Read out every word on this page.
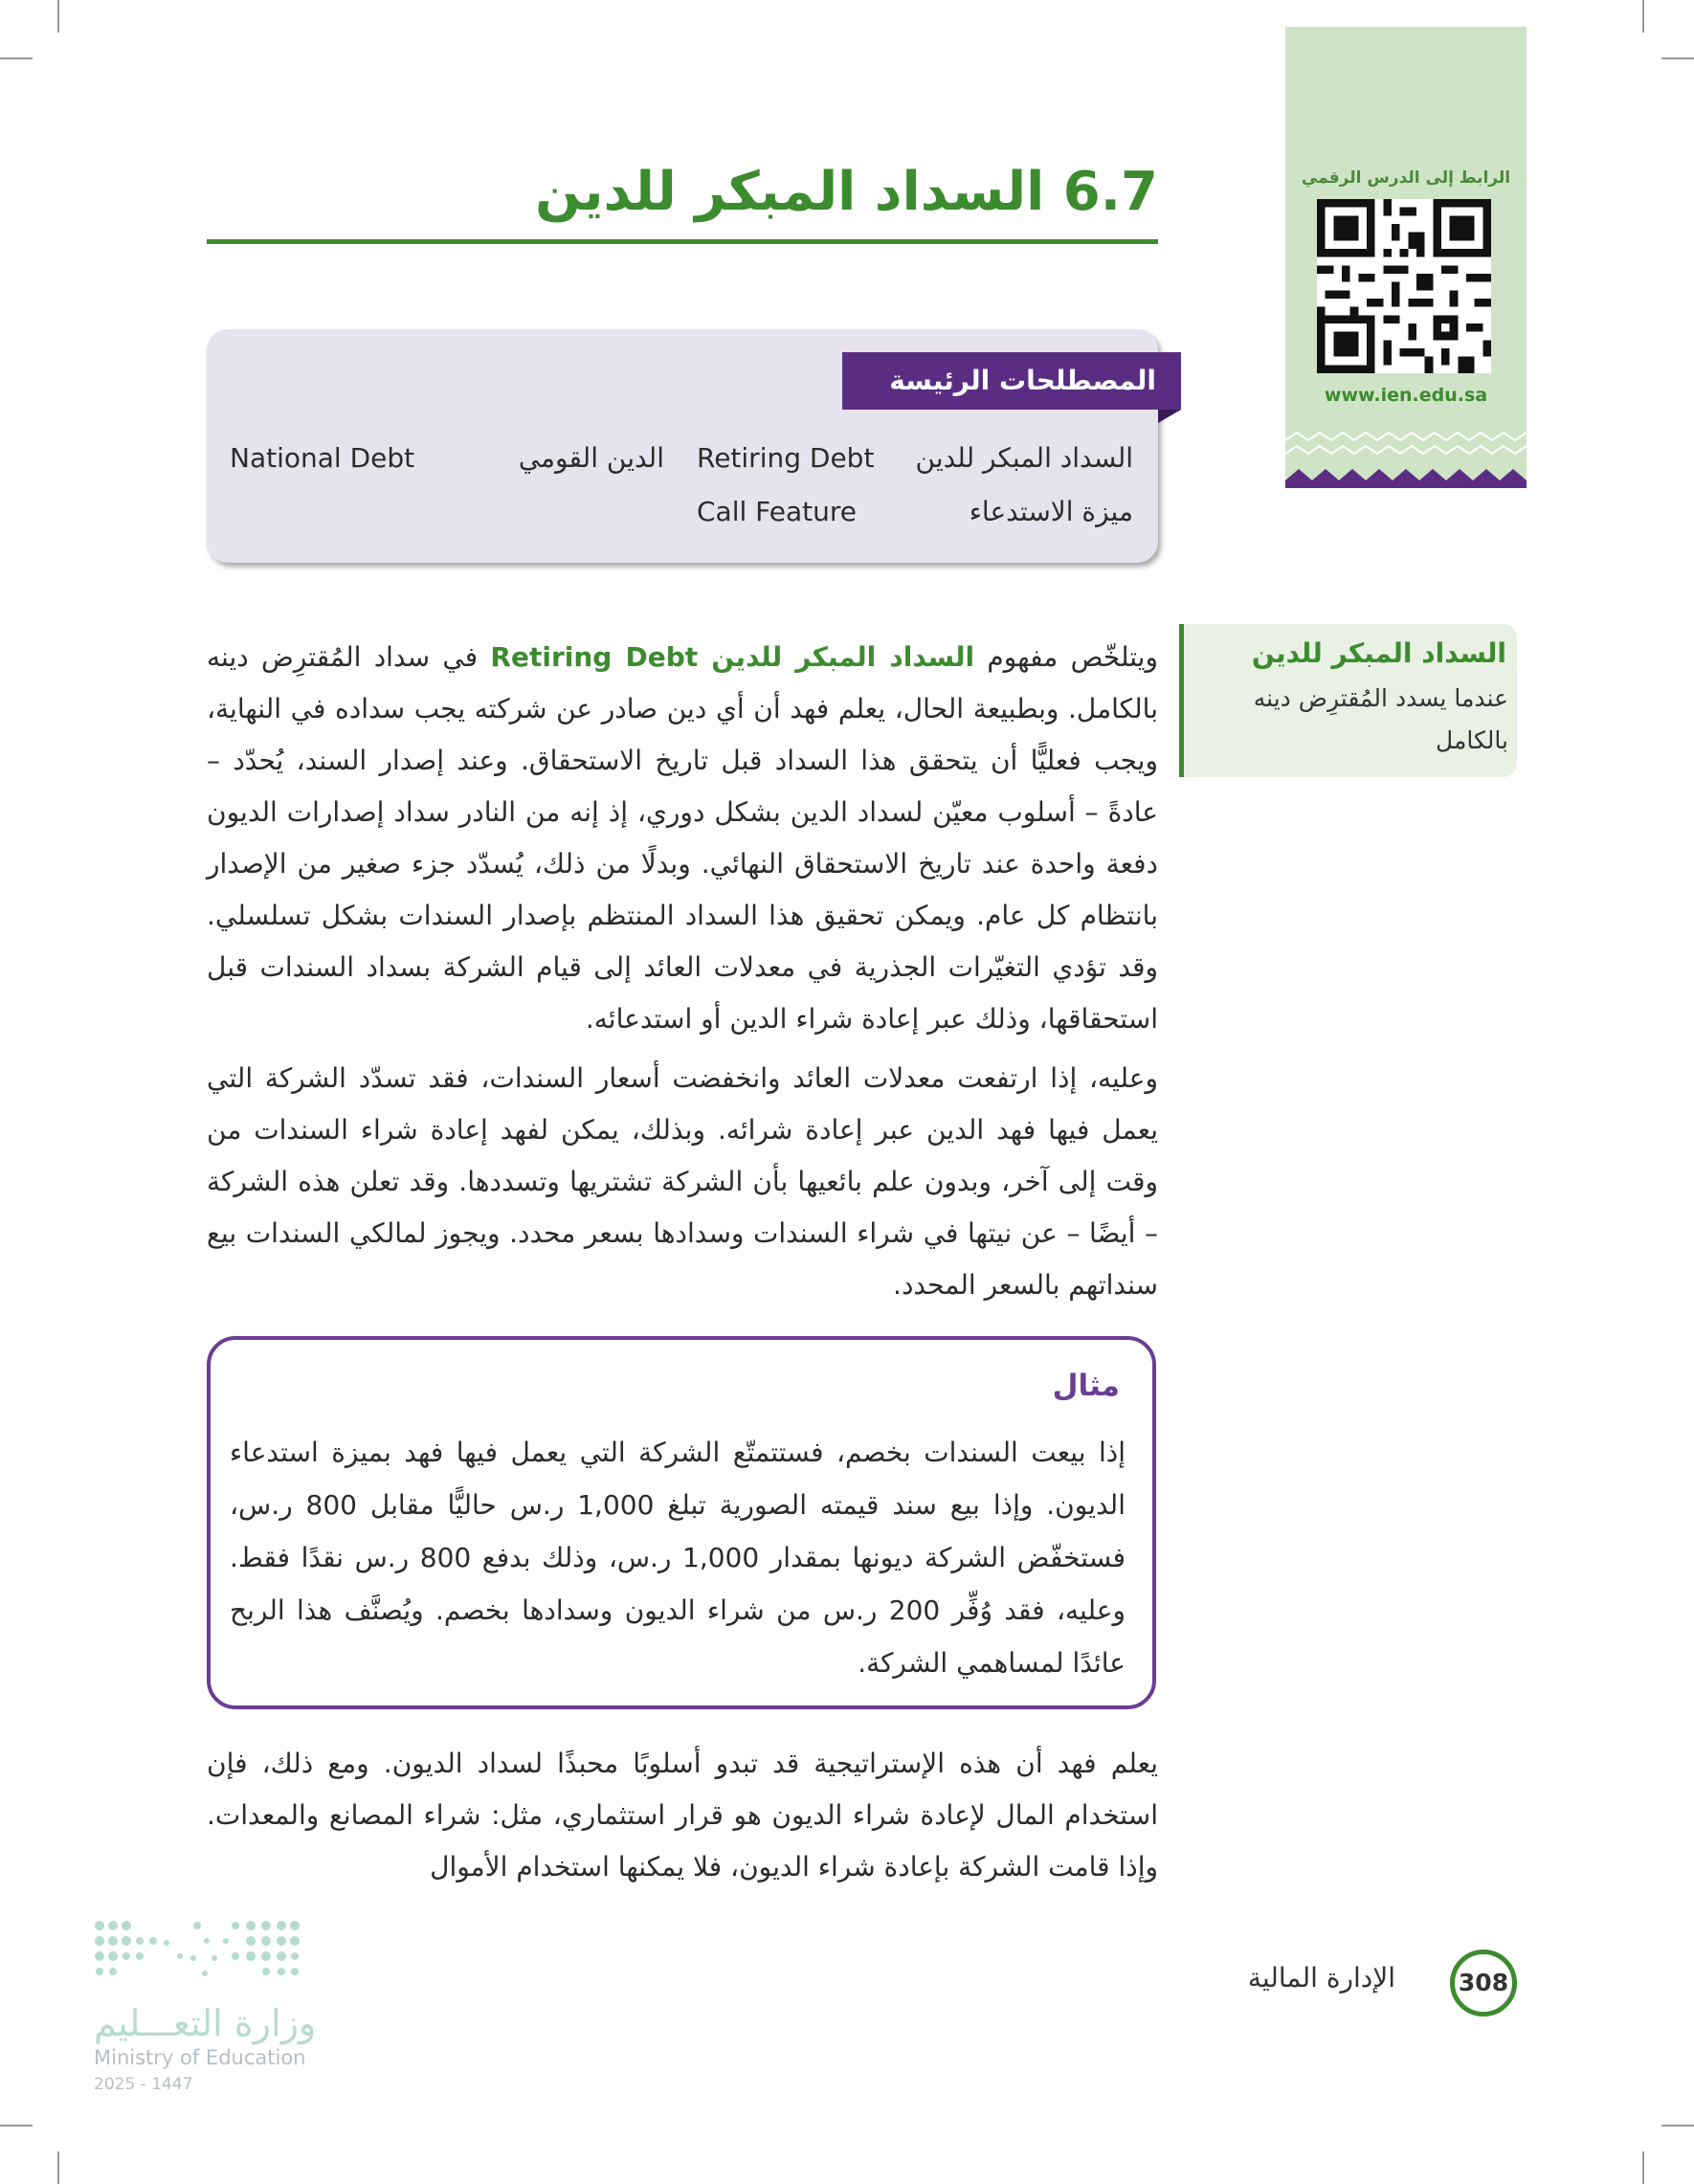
الرابط إلى الدرس الرقمي
www.ien.edu.sa
6.7 السداد المبكر للدين
المصطلحات الرئيسة
السداد المبكر للدين
Retiring Debt
الدين القومي
National Debt
ميزة الاستدعاء
Call Feature
السداد المبكر للدين
عندما يسدد المُقترِض دينه بالكامل
ويتلخّص مفهوم السداد المبكر للدين Retiring Debt في سداد المُقترِض دينه بالكامل. وبطبيعة الحال، يعلم فهد أن أي دين صادر عن شركته يجب سداده في النهاية، ويجب فعليًّا أن يتحقق هذا السداد قبل تاريخ الاستحقاق. وعند إصدار السند، يُحدّد – عادةً – أسلوب معيّن لسداد الدين بشكل دوري، إذ إنه من النادر سداد إصدارات الديون دفعة واحدة عند تاريخ الاستحقاق النهائي. وبدلًا من ذلك، يُسدّد جزء صغير من الإصدار بانتظام كل عام. ويمكن تحقيق هذا السداد المنتظم بإصدار السندات بشكل تسلسلي. وقد تؤدي التغيّرات الجذرية في معدلات العائد إلى قيام الشركة بسداد السندات قبل استحقاقها، وذلك عبر إعادة شراء الدين أو استدعائه.
وعليه، إذا ارتفعت معدلات العائد وانخفضت أسعار السندات، فقد تسدّد الشركة التي يعمل فيها فهد الدين عبر إعادة شرائه. وبذلك، يمكن لفهد إعادة شراء السندات من وقت إلى آخر، وبدون علم بائعيها بأن الشركة تشتريها وتسددها. وقد تعلن هذه الشركة – أيضًا – عن نيتها في شراء السندات وسدادها بسعر محدد. ويجوز لمالكي السندات بيع سنداتهم بالسعر المحدد.
مثال
إذا بيعت السندات بخصم، فستتمتّع الشركة التي يعمل فيها فهد بميزة استدعاء الديون. وإذا بيع سند قيمته الصورية تبلغ 1,000 ر.س حاليًّا مقابل 800 ر.س، فستخفّض الشركة ديونها بمقدار 1,000 ر.س، وذلك بدفع 800 ر.س نقدًا فقط. وعليه، فقد وُفِّر 200 ر.س من شراء الديون وسدادها بخصم. ويُصنَّف هذا الربح عائدًا لمساهمي الشركة.
يعلم فهد أن هذه الإستراتيجية قد تبدو أسلوبًا محبذًا لسداد الديون. ومع ذلك، فإن استخدام المال لإعادة شراء الديون هو قرار استثماري، مثل: شراء المصانع والمعدات. وإذا قامت الشركة بإعادة شراء الديون، فلا يمكنها استخدام الأموال
308
الإدارة المالية
وزارة التعـــليم
Ministry of Education
2025 - 1447
